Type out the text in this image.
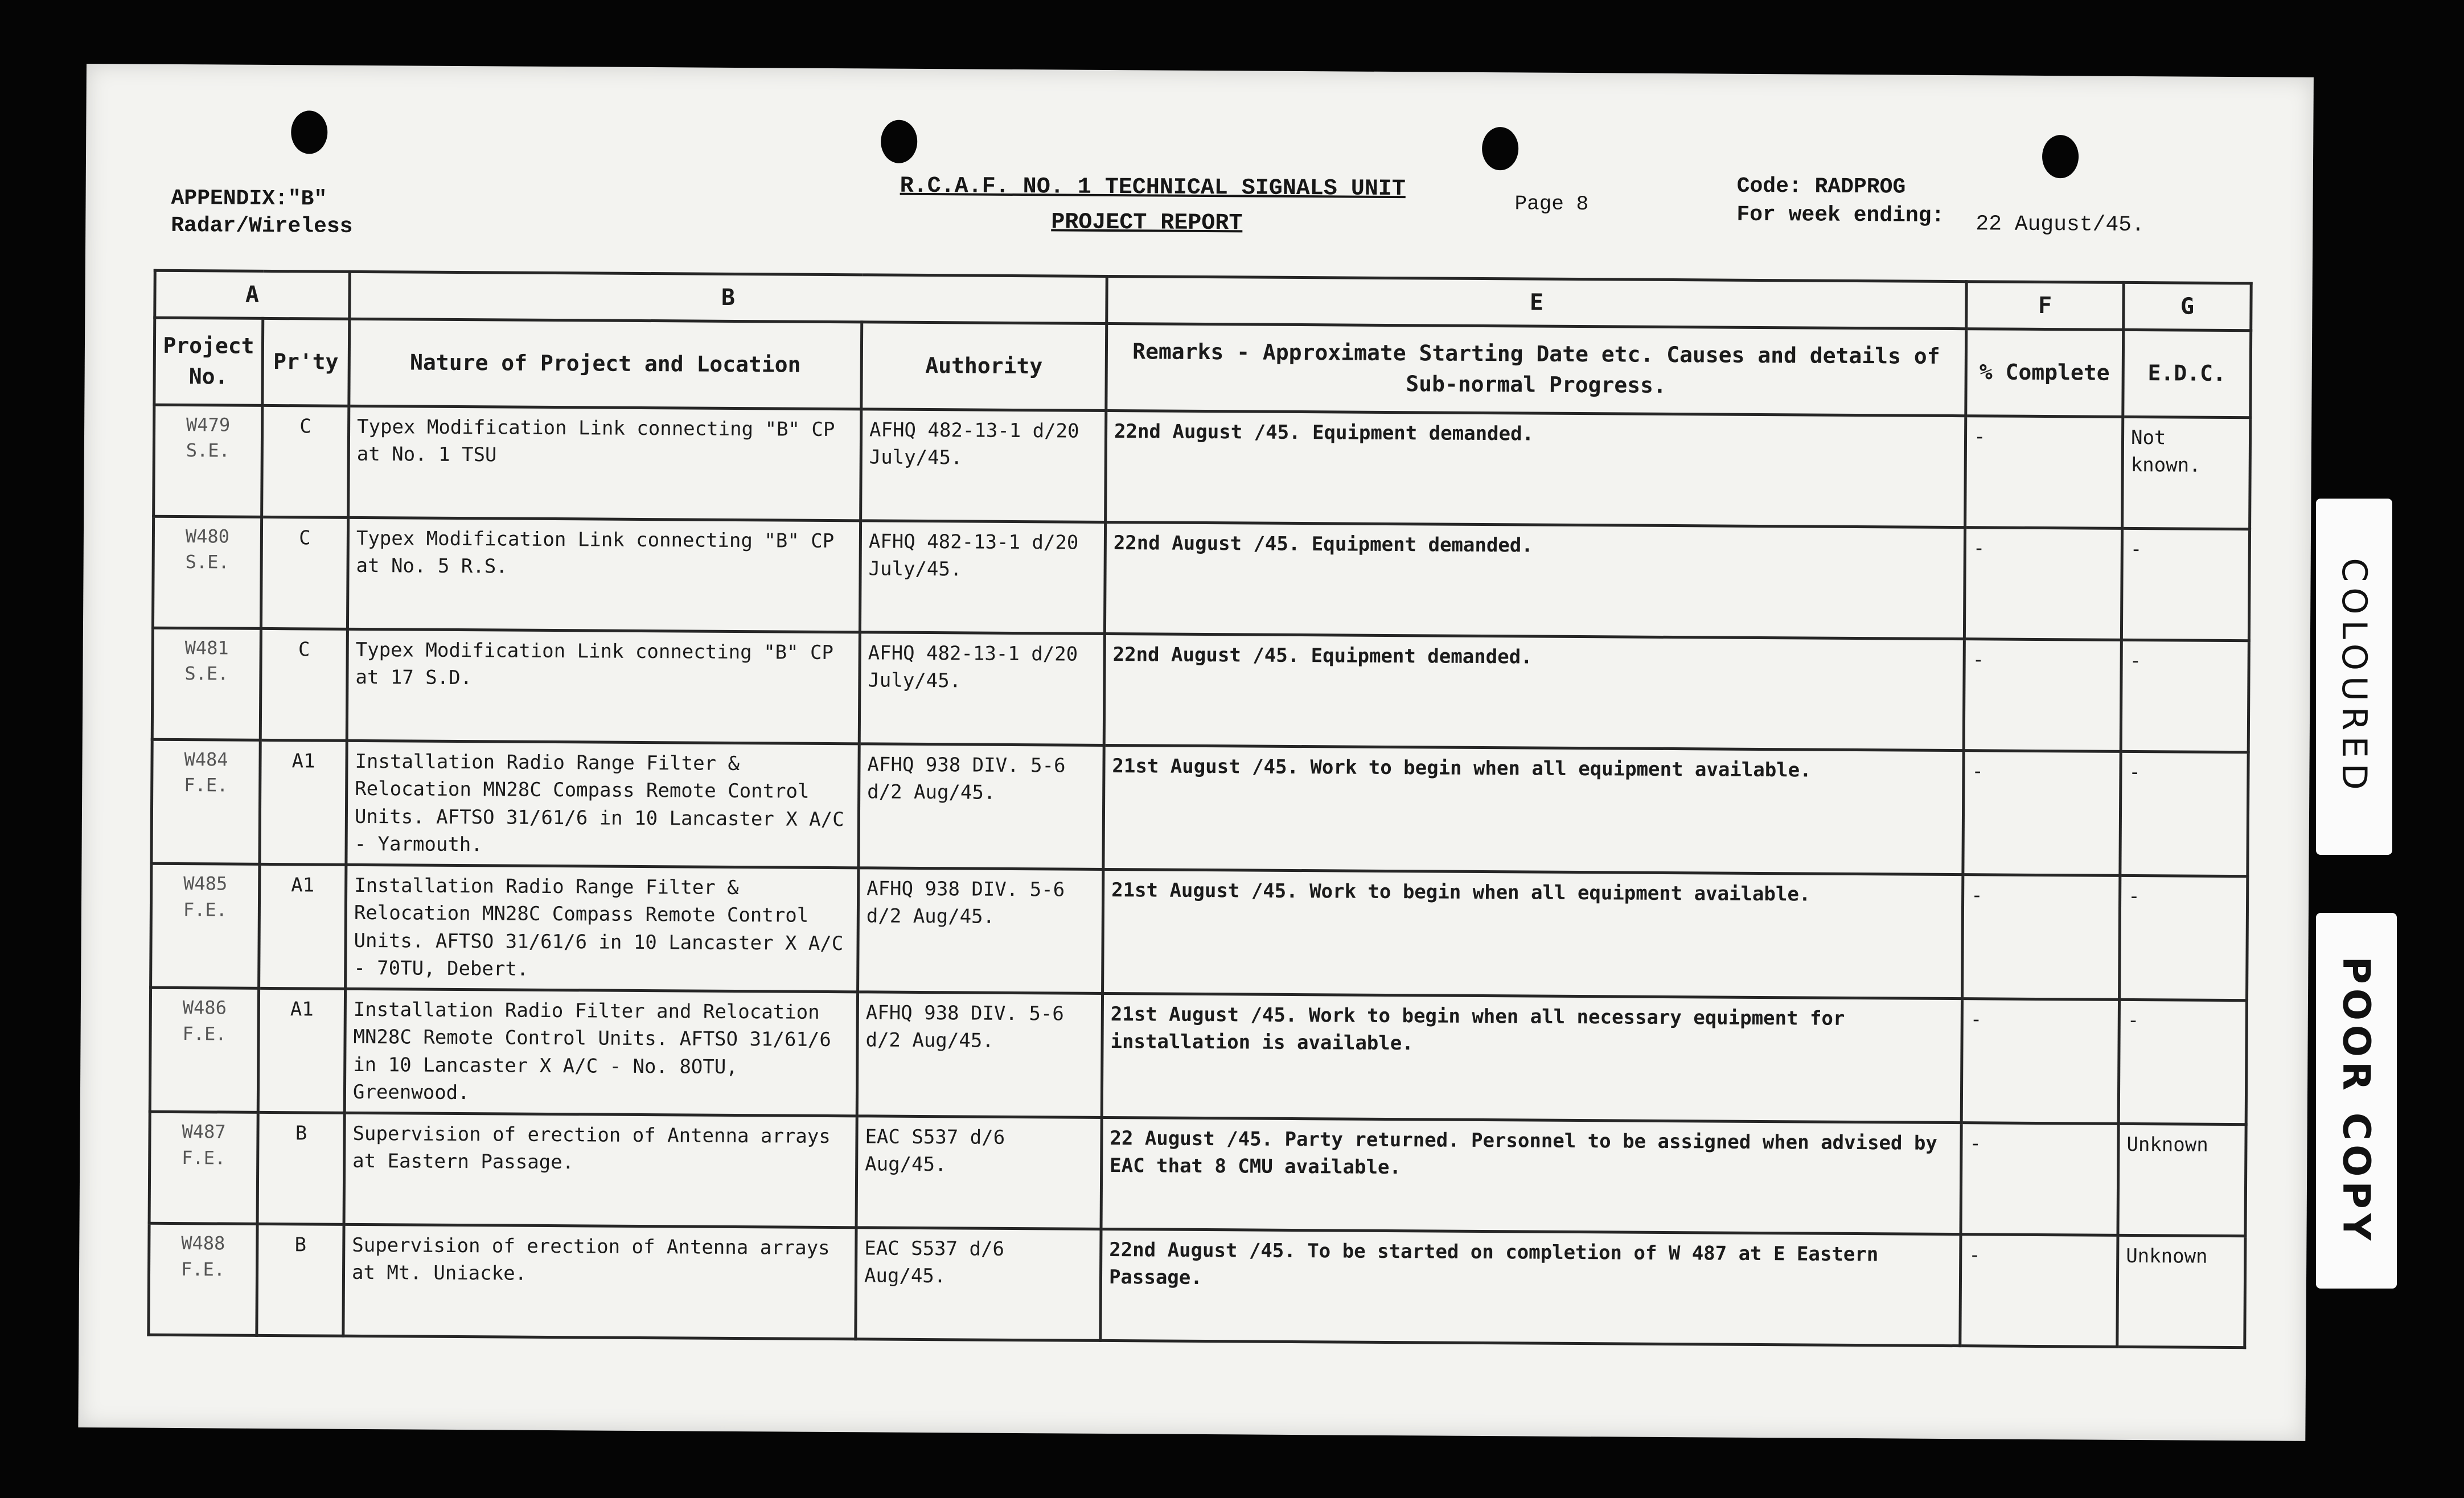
APPENDIX:"B"
Radar/Wireless
R.C.A.F. NO. 1 TECHNICAL SIGNALS UNIT
PROJECT REPORT
Page 8
Code: RADPROG
For week ending: 22 August/45.
A		B		E	F	G
Project No.	Pr'ty	Nature of Project and Location	Authority	Remarks - Approximate Starting Date etc. Causes and details of Sub-normal Progress.	% Complete	E.D.C.
W479 S.E.	C	Typex Modification Link connecting "B" CP at No. 1 TSU	AFHQ 482-13-1 d/20 July/45.	22nd August /45. Equipment demanded.	-	Not known.
W480 S.E.	C	Typex Modification Link connecting "B" CP at No. 5 R.S.	AFHQ 482-13-1 d/20 July/45.	22nd August /45. Equipment demanded.	-	-
W481 S.E.	C	Typex Modification Link connecting "B" CP at 17 S.D.	AFHQ 482-13-1 d/20 July/45.	22nd August /45. Equipment demanded.	-	-
W484 F.E.	A1	Installation Radio Range Filter & Relocation MN28C Compass Remote Control Units. AFTSO 31/61/6 in 10 Lancaster X A/C - Yarmouth.	AFHQ 938 DIV. 5-6 d/2 Aug/45.	21st August /45. Work to begin when all equipment available.	-	-
W485 F.E.	A1	Installation Radio Range Filter & Relocation MN28C Compass Remote Control Units. AFTSO 31/61/6 in 10 Lancaster X A/C - 70TU, Debert.	AFHQ 938 DIV. 5-6 d/2 Aug/45.	21st August /45. Work to begin when all equipment available.	-	-
W486 F.E.	A1	Installation Radio Filter and Relocation MN28C Remote Control Units. AFTSO 31/61/6 in 10 Lancaster X A/C - No. 8OTU, Greenwood.	AFHQ 938 DIV. 5-6 d/2 Aug/45.	21st August /45. Work to begin when all necessary equipment for installation is available.	-	-
W487 F.E.	B	Supervision of erection of Antenna arrays at Eastern Passage.	EAC S537 d/6 Aug/45.	22 August /45. Party returned. Personnel to be assigned when advised by EAC that 8 CMU available.	-	Unknown
W488 F.E.	B	Supervision of erection of Antenna arrays at Mt. Uniacke.	EAC S537 d/6 Aug/45.	22nd August /45. To be started on completion of W 487 at E Eastern Passage.	-	Unknown
COLOURED
POOR COPY
